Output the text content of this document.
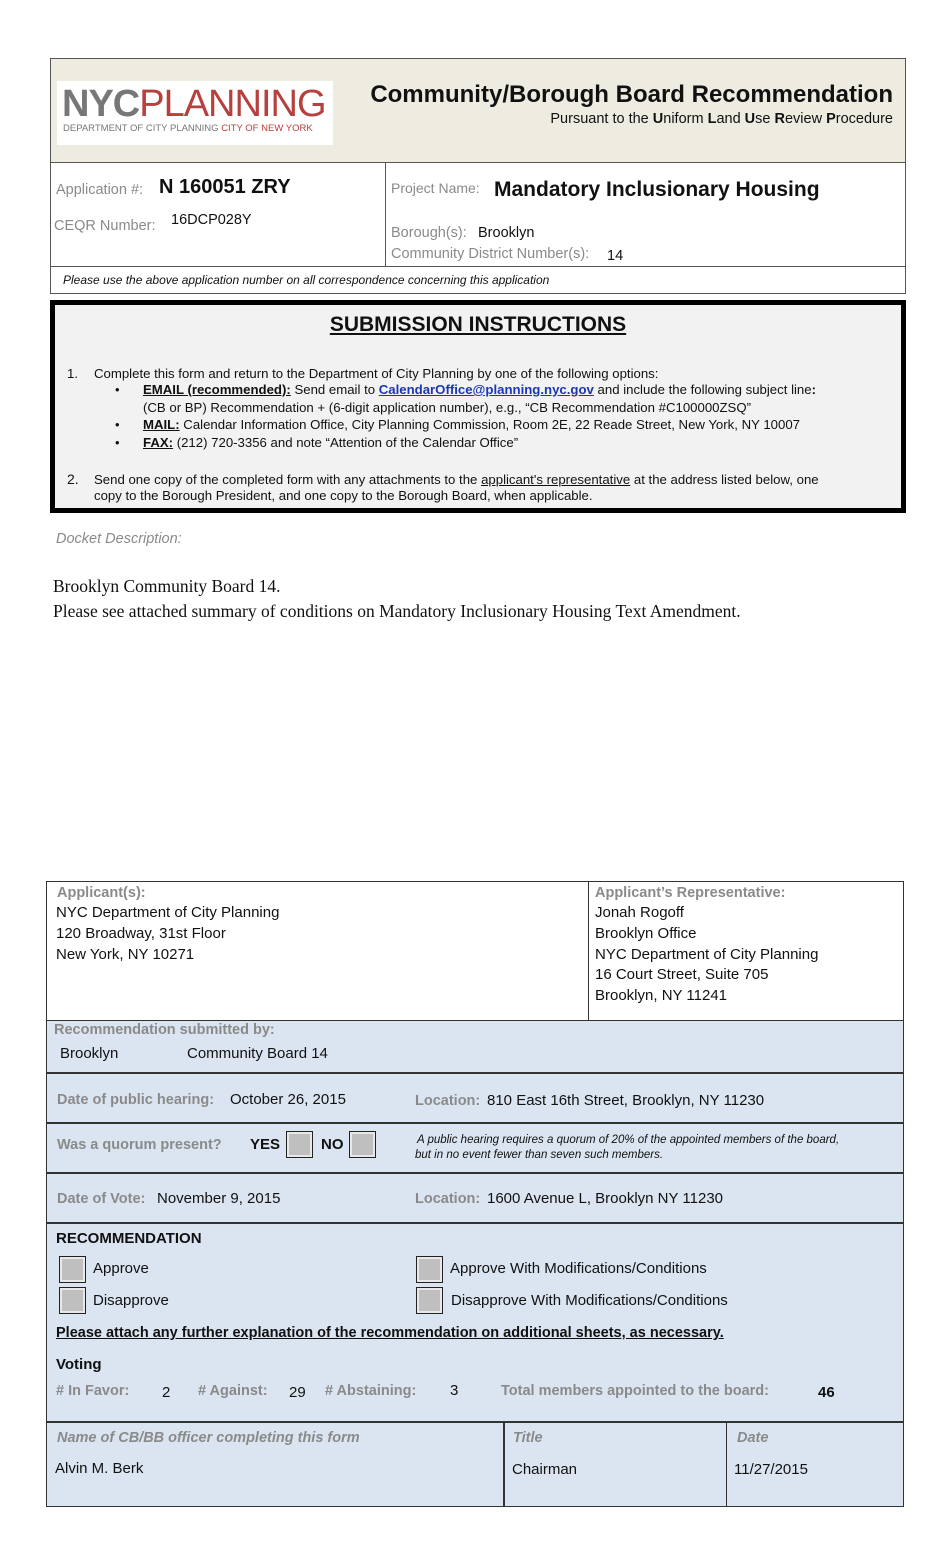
NYCPLANNING
DEPARTMENT OF CITY PLANNING CITY OF NEW YORK
Community/Borough Board Recommendation
Pursuant to the Uniform Land Use Review Procedure
Application #: N 160051 ZRY
CEQR Number: 16DCP028Y
Project Name: Mandatory Inclusionary Housing
Borough(s): Brooklyn
Community District Number(s): 14
Please use the above application number on all correspondence concerning this application
SUBMISSION INSTRUCTIONS
1. Complete this form and return to the Department of City Planning by one of the following options:
• EMAIL (recommended): Send email to CalendarOffice@planning.nyc.gov and include the following subject line:
(CB or BP) Recommendation + (6-digit application number), e.g., “CB Recommendation #C100000ZSQ”
• MAIL: Calendar Information Office, City Planning Commission, Room 2E, 22 Reade Street, New York, NY 10007
• FAX: (212) 720-3356 and note “Attention of the Calendar Office”
2. Send one copy of the completed form with any attachments to the applicant's representative at the address listed below, one
copy to the Borough President, and one copy to the Borough Board, when applicable.
Docket Description:
Brooklyn Community Board 14.
Please see attached summary of conditions on Mandatory Inclusionary Housing Text Amendment.
Applicant(s):
NYC Department of City Planning
120 Broadway, 31st Floor
New York, NY 10271
Applicant’s Representative:
Jonah Rogoff
Brooklyn Office
NYC Department of City Planning
16 Court Street, Suite 705
Brooklyn, NY 11241
Recommendation submitted by:
Brooklyn	Community Board 14
Date of public hearing: October 26, 2015	Location: 810 East 16th Street, Brooklyn, NY 11230
Was a quorum present? YES	NO	A public hearing requires a quorum of 20% of the appointed members of the board,
but in no event fewer than seven such members.
Date of Vote: November 9, 2015	Location: 1600 Avenue L, Brooklyn NY 11230
RECOMMENDATION
Approve	Approve With Modifications/Conditions
Disapprove	Disapprove With Modifications/Conditions
Please attach any further explanation of the recommendation on additional sheets, as necessary.
Voting
# In Favor: 2 # Against: 29 # Abstaining: 3	Total members appointed to the board:	46
Name of CB/BB officer completing this form
Alvin M. Berk
Title
Chairman
Date
11/27/2015
